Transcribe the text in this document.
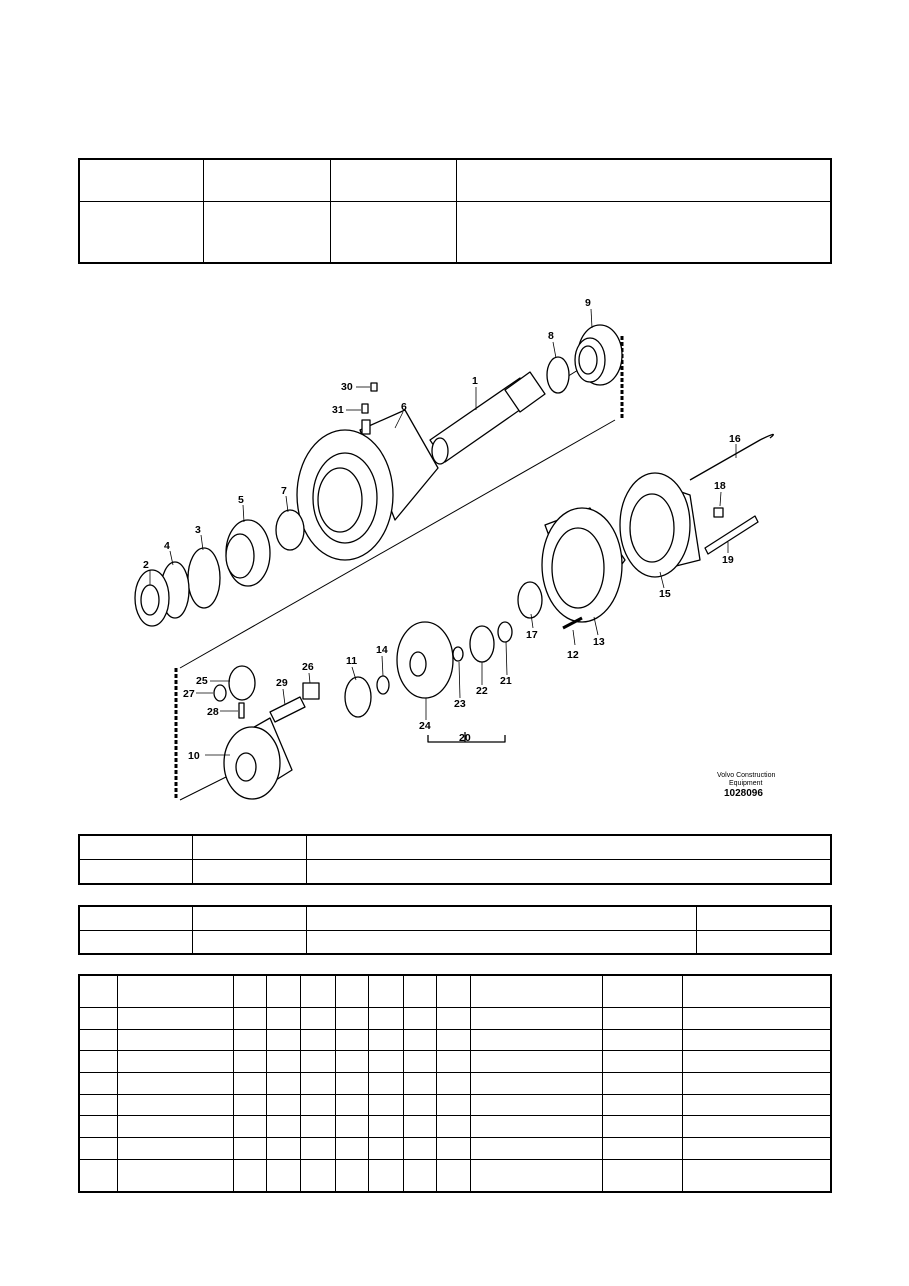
1
2
3
4
5
6
7
8
9
10
11	12
13
14
15
16
17
18
19
20
21
22
23
24
25
26
27
28
29
30
31
Volvo Construction
Equipment
1028096
